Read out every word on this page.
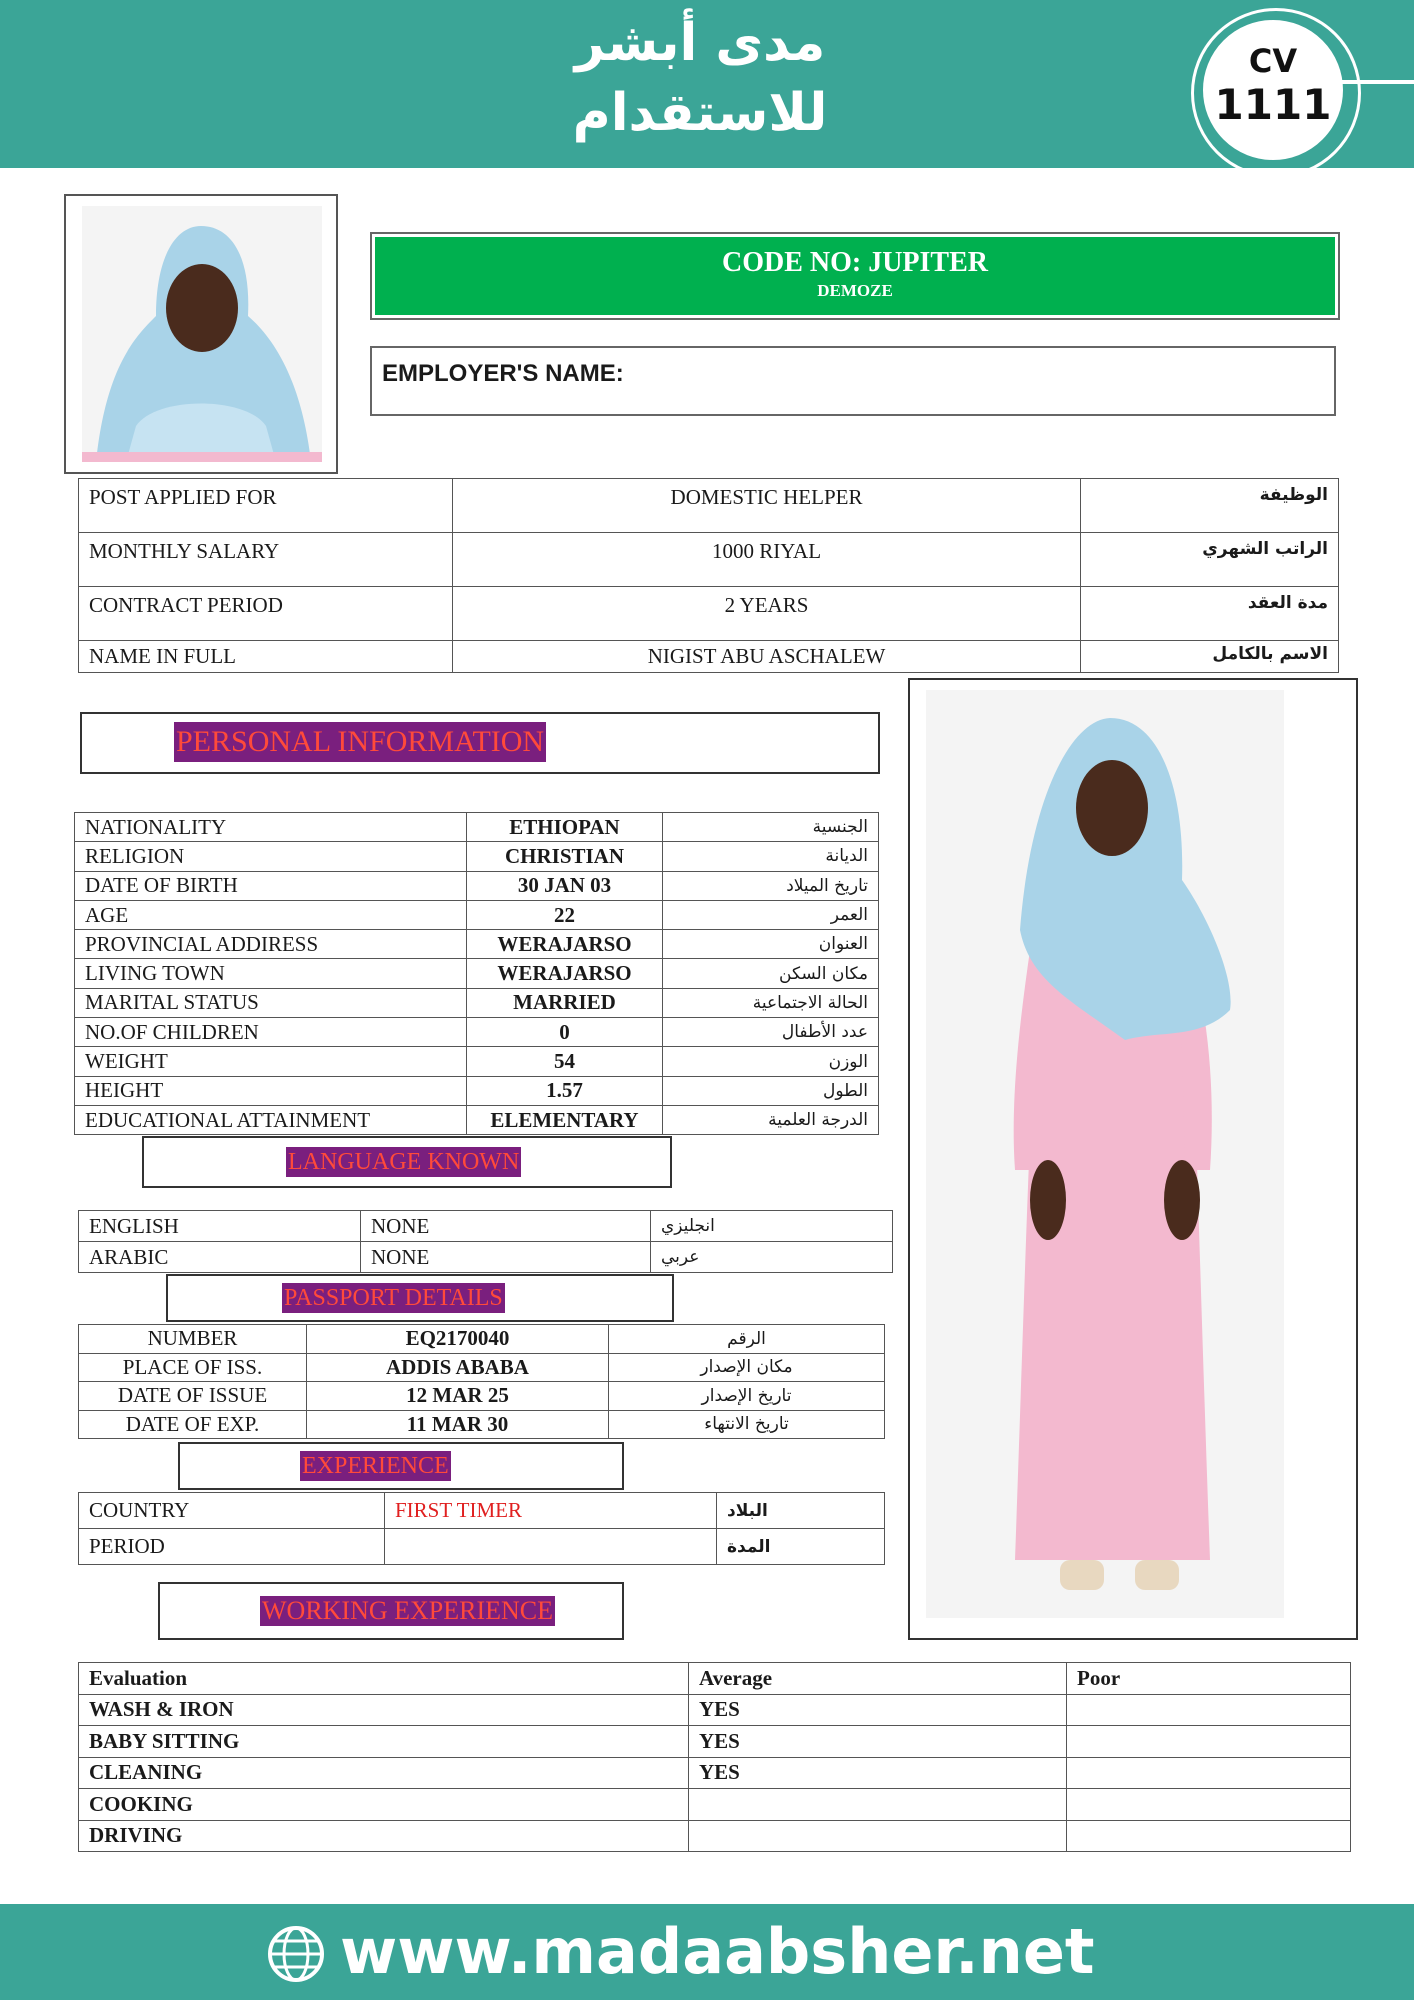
مدى أبشر
للاستقدام
CV
1111
CODE NO: JUPITER
DEMOZE
EMPLOYER'S NAME:
POST APPLIED FOR	DOMESTIC HELPER	الوظيفة
MONTHLY SALARY	1000 RIYAL	الراتب الشهري
CONTRACT PERIOD	2 YEARS	مدة العقد
NAME IN FULL	NIGIST ABU ASCHALEW	الاسم بالكامل
PERSONAL INFORMATION
NATIONALITY	ETHIOPAN	الجنسية
RELIGION	CHRISTIAN	الديانة
DATE OF BIRTH	30 JAN 03	تاريخ الميلاد
AGE	22	العمر
PROVINCIAL ADDIRESS	WERAJARSO	العنوان
LIVING TOWN	WERAJARSO	مكان السكن
MARITAL STATUS	MARRIED	الحالة الاجتماعية
NO.OF CHILDREN	0	عدد الأطفال
WEIGHT	54	الوزن
HEIGHT	1.57	الطول
EDUCATIONAL ATTAINMENT	ELEMENTARY	الدرجة العلمية
LANGUAGE KNOWN
ENGLISH	NONE	انجليزي
ARABIC	NONE	عربي
PASSPORT DETAILS
NUMBER	EQ2170040	الرقم
PLACE OF ISS.	ADDIS ABABA	مكان الإصدار
DATE OF ISSUE	12 MAR 25	تاريخ الإصدار
DATE OF EXP.	11 MAR 30	تاريخ الانتهاء
EXPERIENCE
COUNTRY	FIRST TIMER	البلاد
PERIOD		المدة
WORKING EXPERIENCE
Evaluation	Average	Poor
WASH & IRON	YES	
BABY SITTING	YES	
CLEANING	YES	
COOKING		
DRIVING		
www.madaabsher.net
